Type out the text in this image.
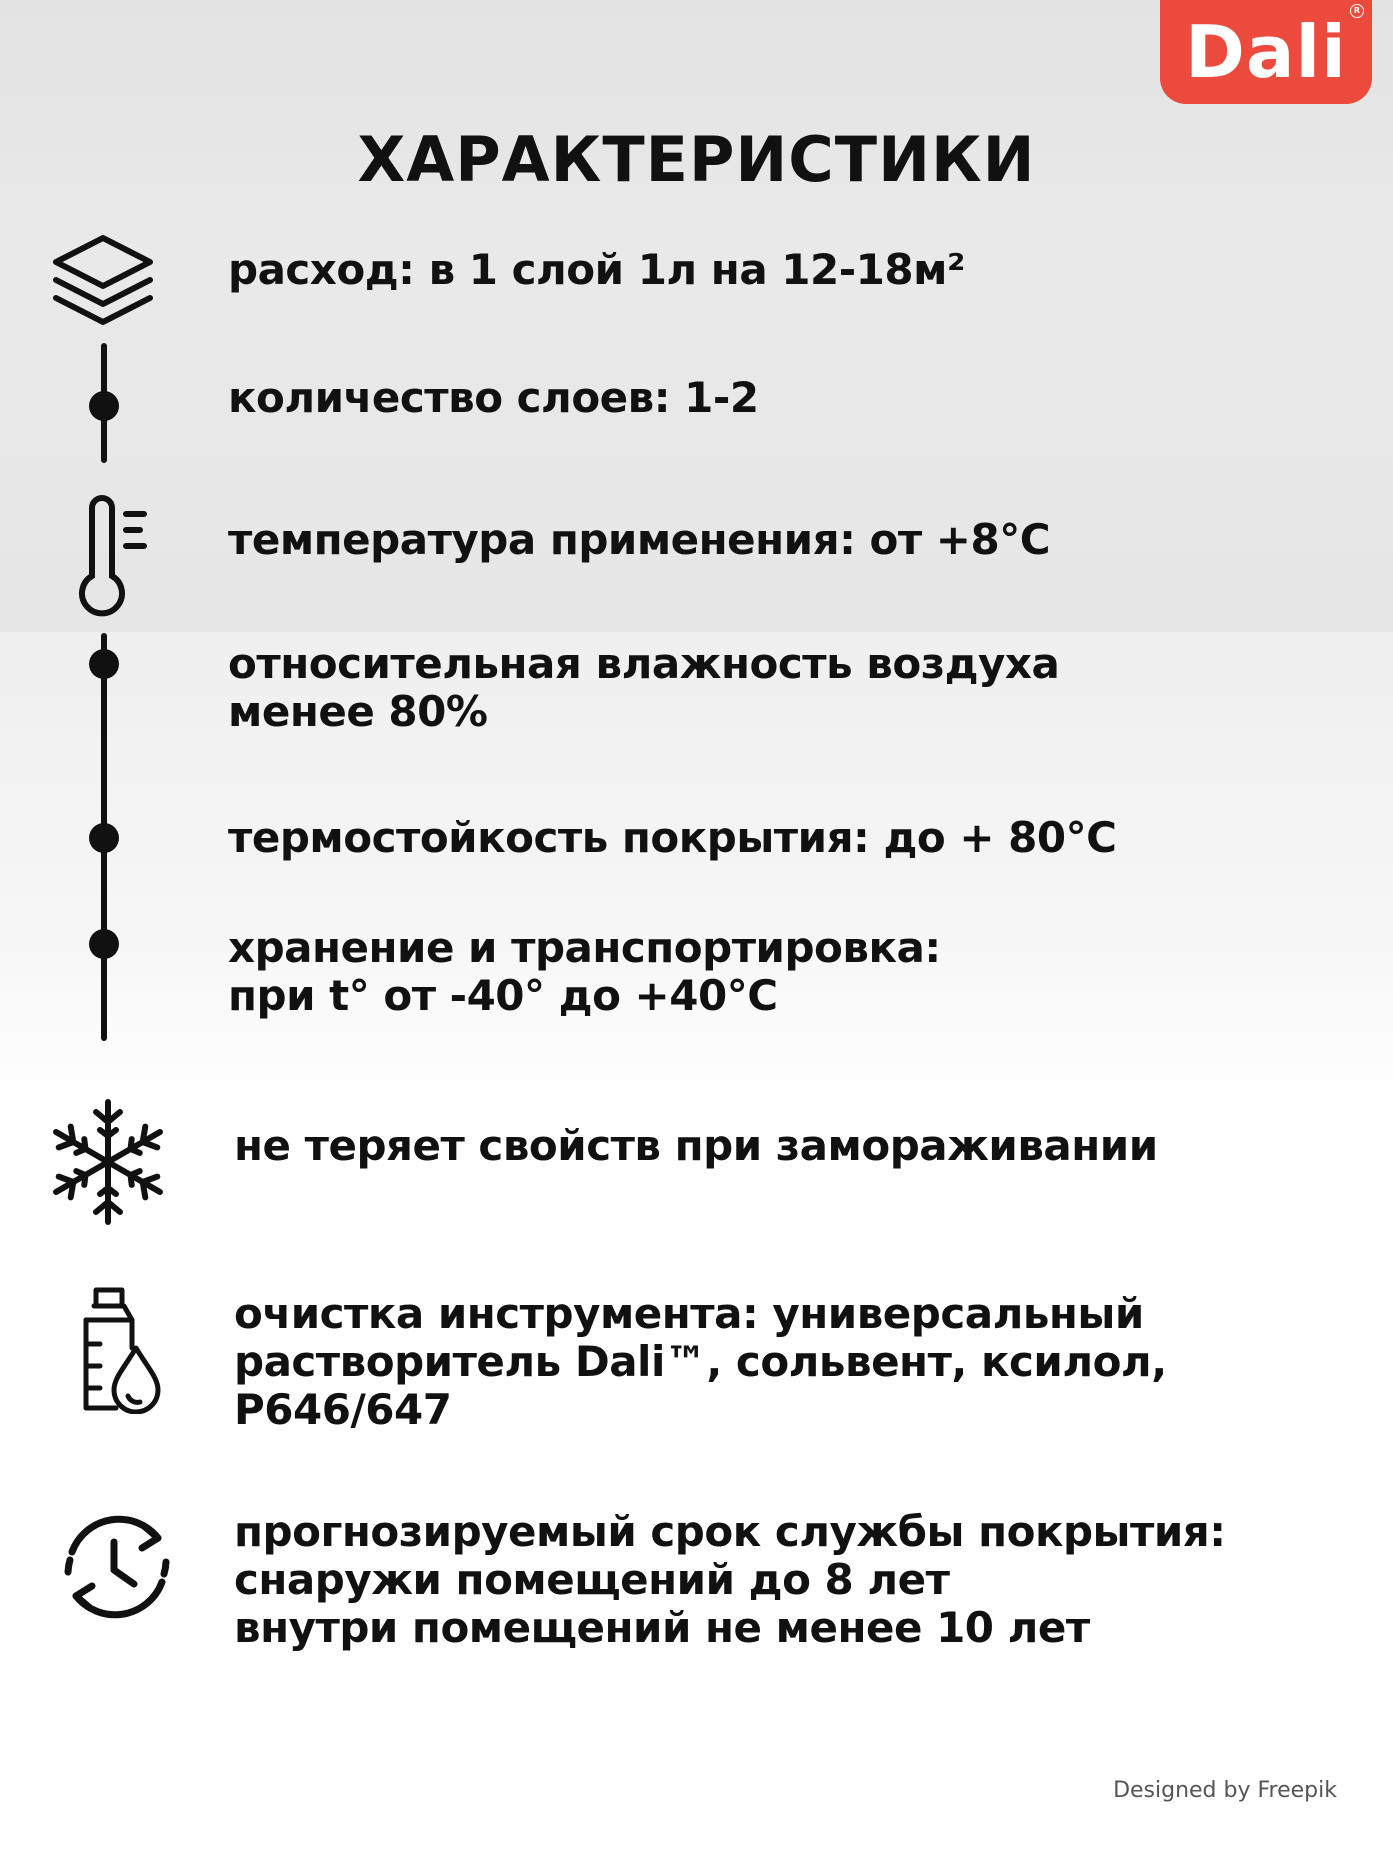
Dali R
ХАРАКТЕРИСТИКИ
расход: в 1 слой 1л на 12-18м²
количество слоев: 1-2
температура применения: от +8°С
относительная влажность воздуха
менее 80%
термостойкость покрытия: до + 80°С
хранение и транспортировка:
при t° от -40° до +40°С
не теряет свойств при замораживании
очистка инструмента: универсальный
растворитель Dali™, сольвент, ксилол,
Р646/647
прогнозируемый срок службы покрытия:
снаружи помещений до 8 лет
внутри помещений не менее 10 лет
Designed by Freepik
